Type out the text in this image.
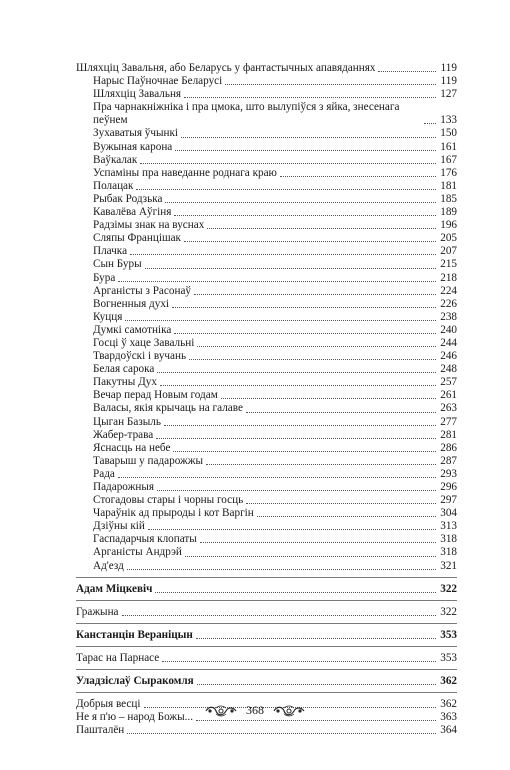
Шляхціц Завальня, або Беларусь у фантастычных апавяданнях	119
Нарыс Паўночнае Беларусі	119
Шляхціц Завальня	127
Пра чарнакніжніка і пра цмока, што вылупіўся з яйка, знесенага пеўнем	133
Зухаватыя ўчынкі	150
Вужыная карона	161
Ваўкалак	167
Успаміны пра наведанне роднага краю	176
Полацак	181
Рыбак Родзька	185
Кавалёва Аўгіня	189
Радзімы знак на вуснах	196
Сляпы Францішак	205
Плачка	207
Сын Буры	215
Бура	218
Арганісты з Расонаў	224
Вогненныя духі	226
Куцця	238
Думкі самотніка	240
Госці ў хаце Завальні	244
Твардоўскі і вучань	246
Белая сарока	248
Пакутны Дух	257
Вечар перад Новым годам	261
Валасы, якія крычаць на галаве	263
Цыган Базыль	277
Жабер-трава	281
Яснасць на небе	286
Таварыш у падарожжы	287
Рада	293
Падарожныя	296
Стогадовы стары і чорны госць	297
Чараўнік ад прыроды і кот Варгін	304
Дзіўны кій	313
Гаспадарчыя клопаты	318
Арганісты Андрэй	318
Ад'езд	321
Адам Міцкевіч	322
Гражына	322
Канстанцін Вераніцын	353
Тарас на Парнасе	353
Уладзіслаў Сыракомля	362
Добрыя весці	362
Не я п'ю – народ Божы...	363
Пашталён	364
368
